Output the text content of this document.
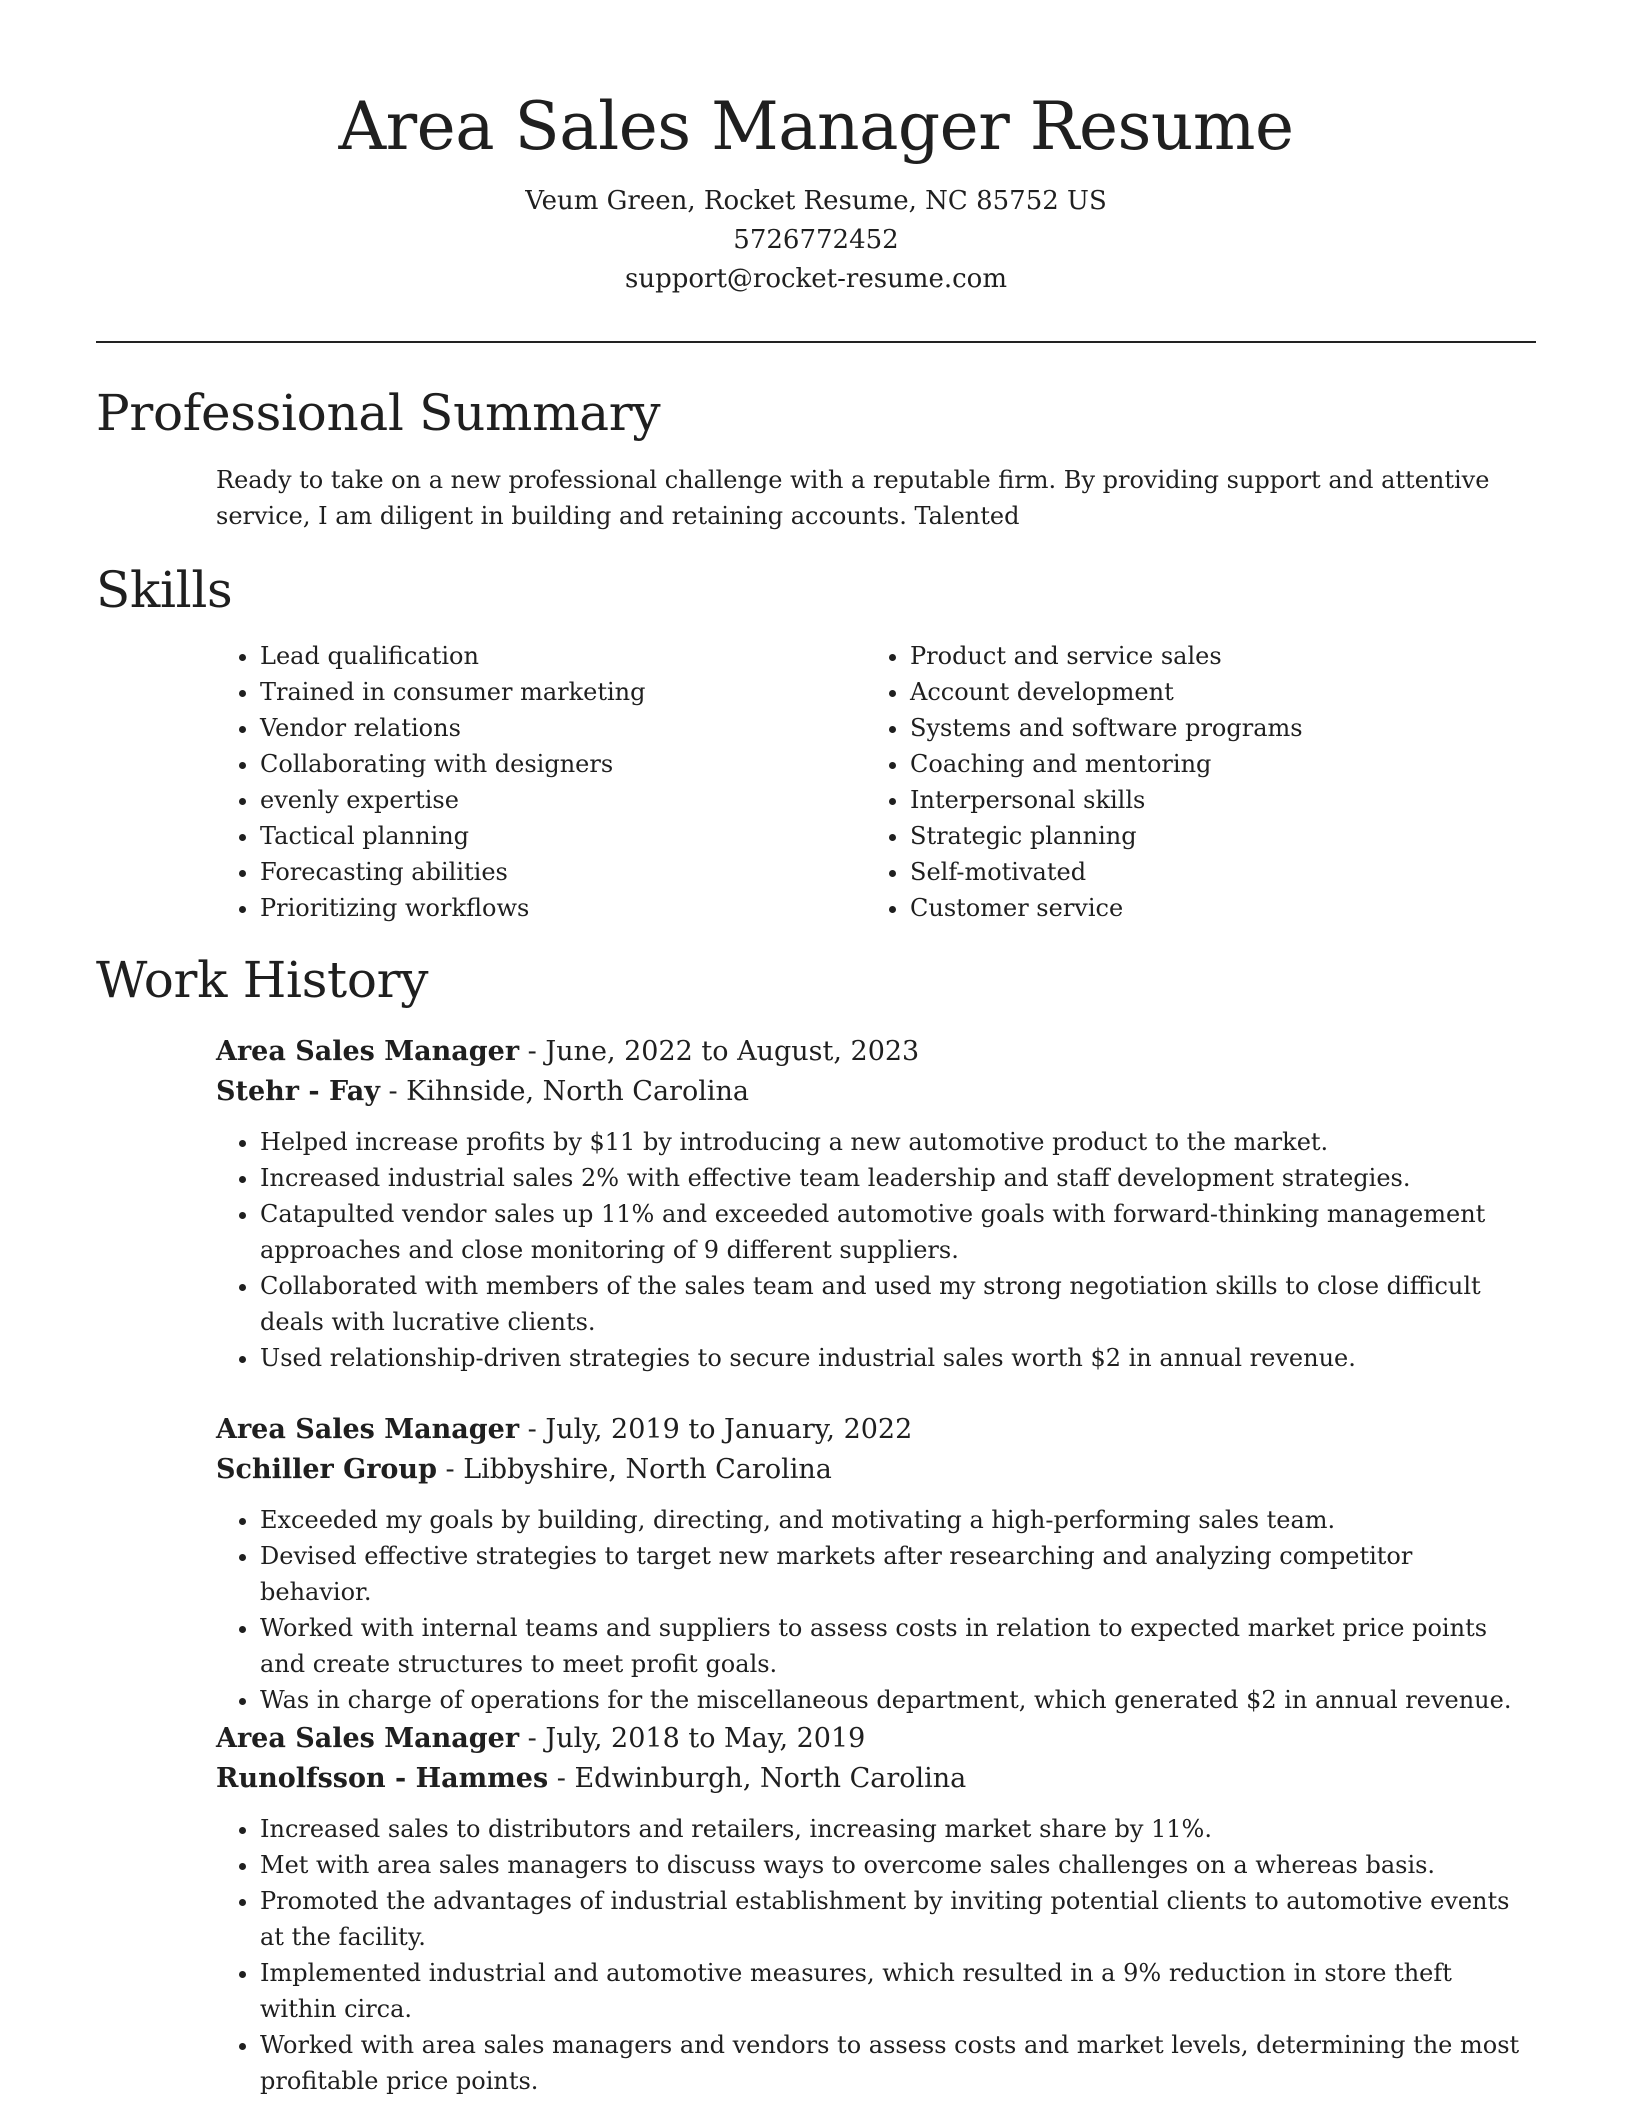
Area Sales Manager Resume

Veum Green, Rocket Resume, NC 85752 US

5726772452

support@rocket-resume.com

Professional Summary

Ready to take on a new professional challenge with a reputable firm. By providing support and attentive service, I am diligent in building and retaining accounts. Talented

Skills
• Lead qualification
• Trained in consumer marketing
• Vendor relations
• Collaborating with designers
• evenly expertise
• Tactical planning
• Forecasting abilities
• Prioritizing workflows
• Product and service sales
• Account development
• Systems and software programs
• Coaching and mentoring
• Interpersonal skills
• Strategic planning
• Self-motivated
• Customer service
Work History

Area Sales Manager - June, 2022 to August, 2023

Stehr - Fay - Kihnside, North Carolina

• Helped increase profits by $11 by introducing a new automotive product to the market.
• Increased industrial sales 2% with effective team leadership and staff development strategies.
• Catapulted vendor sales up 11% and exceeded automotive goals with forward-thinking management approaches and close monitoring of 9 different suppliers.
• Collaborated with members of the sales team and used my strong negotiation skills to close difficult deals with lucrative clients.
• Used relationship-driven strategies to secure industrial sales worth $2 in annual revenue.

Area Sales Manager - July, 2019 to January, 2022

Schiller Group - Libbyshire, North Carolina

• Exceeded my goals by building, directing, and motivating a high-performing sales team.
• Devised effective strategies to target new markets after researching and analyzing competitor behavior.
• Worked with internal teams and suppliers to assess costs in relation to expected market price points and create structures to meet profit goals.
• Was in charge of operations for the miscellaneous department, which generated $2 in annual revenue.

Area Sales Manager - July, 2018 to May, 2019

Runolfsson - Hammes - Edwinburgh, North Carolina

• Increased sales to distributors and retailers, increasing market share by 11%.
• Met with area sales managers to discuss ways to overcome sales challenges on a whereas basis.
• Promoted the advantages of industrial establishment by inviting potential clients to automotive events at the facility.
• Implemented industrial and automotive measures, which resulted in a 9% reduction in store theft within circa.
• Worked with area sales managers and vendors to assess costs and market levels, determining the most profitable price points.
